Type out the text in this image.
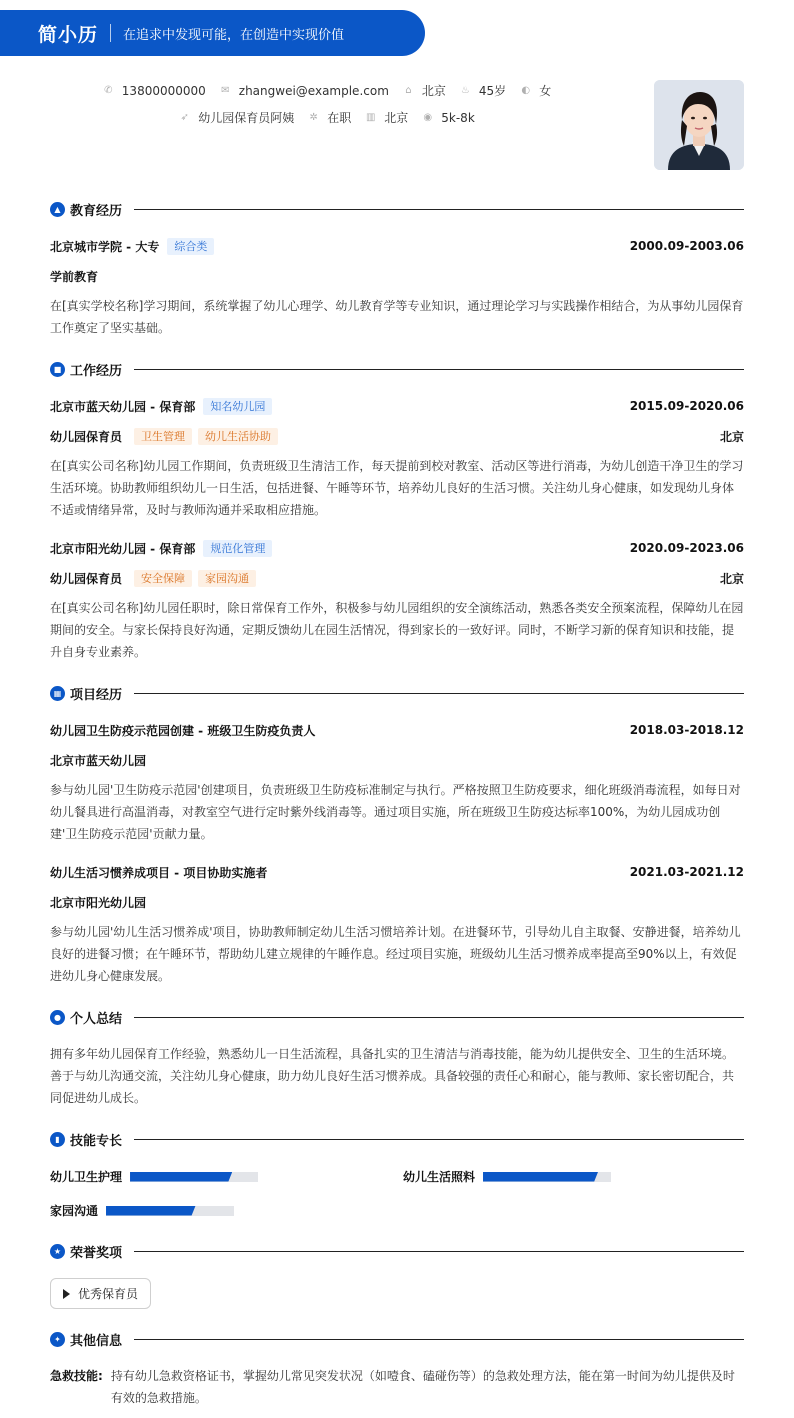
简小历 在追求中发现可能，在创造中实现价值
✆ 13800000000 ✉ zhangwei@example.com ⌂ 北京 ♨ 45岁 ◐ 女
➶ 幼儿园保育员阿姨 ✲ 在职 ▥ 北京 ◉ 5k-8k
▲ 教育经历
北京城市学院 - 大专	综合类	2000.09-2003.06
学前教育
在[真实学校名称]学习期间，系统掌握了幼儿心理学、幼儿教育学等专业知识，通过理论学习与实践操作相结合，为从事幼儿园保育工作奠定了坚实基础。
■ 工作经历
北京市蓝天幼儿园 - 保育部	知名幼儿园	2015.09-2020.06
幼儿园保育员	卫生管理	幼儿生活协助	北京
在[真实公司名称]幼儿园工作期间，负责班级卫生清洁工作，每天提前到校对教室、活动区等进行消毒，为幼儿创造干净卫生的学习生活环境。协助教师组织幼儿一日生活，包括进餐、午睡等环节，培养幼儿良好的生活习惯。关注幼儿身心健康，如发现幼儿身体不适或情绪异常，及时与教师沟通并采取相应措施。
北京市阳光幼儿园 - 保育部	规范化管理	2020.09-2023.06
幼儿园保育员	安全保障	家园沟通	北京
在[真实公司名称]幼儿园任职时，除日常保育工作外，积极参与幼儿园组织的安全演练活动，熟悉各类安全预案流程，保障幼儿在园期间的安全。与家长保持良好沟通，定期反馈幼儿在园生活情况，得到家长的一致好评。同时，不断学习新的保育知识和技能，提升自身专业素养。
▦ 项目经历
幼儿园卫生防疫示范园创建 - 班级卫生防疫负责人	2018.03-2018.12
北京市蓝天幼儿园
参与幼儿园'卫生防疫示范园'创建项目，负责班级卫生防疫标准制定与执行。严格按照卫生防疫要求，细化班级消毒流程，如每日对幼儿餐具进行高温消毒，对教室空气进行定时紫外线消毒等。通过项目实施，所在班级卫生防疫达标率100%，为幼儿园成功创建'卫生防疫示范园'贡献力量。
幼儿生活习惯养成项目 - 项目协助实施者	2021.03-2021.12
北京市阳光幼儿园
参与幼儿园'幼儿生活习惯养成'项目，协助教师制定幼儿生活习惯培养计划。在进餐环节，引导幼儿自主取餐、安静进餐，培养幼儿良好的进餐习惯；在午睡环节，帮助幼儿建立规律的午睡作息。经过项目实施，班级幼儿生活习惯养成率提高至90%以上，有效促进幼儿身心健康发展。
● 个人总结
拥有多年幼儿园保育工作经验，熟悉幼儿一日生活流程，具备扎实的卫生清洁与消毒技能，能为幼儿提供安全、卫生的生活环境。善于与幼儿沟通交流，关注幼儿身心健康，助力幼儿良好生活习惯养成。具备较强的责任心和耐心，能与教师、家长密切配合，共同促进幼儿成长。
▮ 技能专长
幼儿卫生护理	幼儿生活照料
家园沟通
★ 荣誉奖项
优秀保育员
✦ 其他信息
急救技能: 持有幼儿急救资格证书，掌握幼儿常见突发状况（如噎食、磕碰伤等）的急救处理方法，能在第一时间为幼儿提供及时有效的急救措施。
